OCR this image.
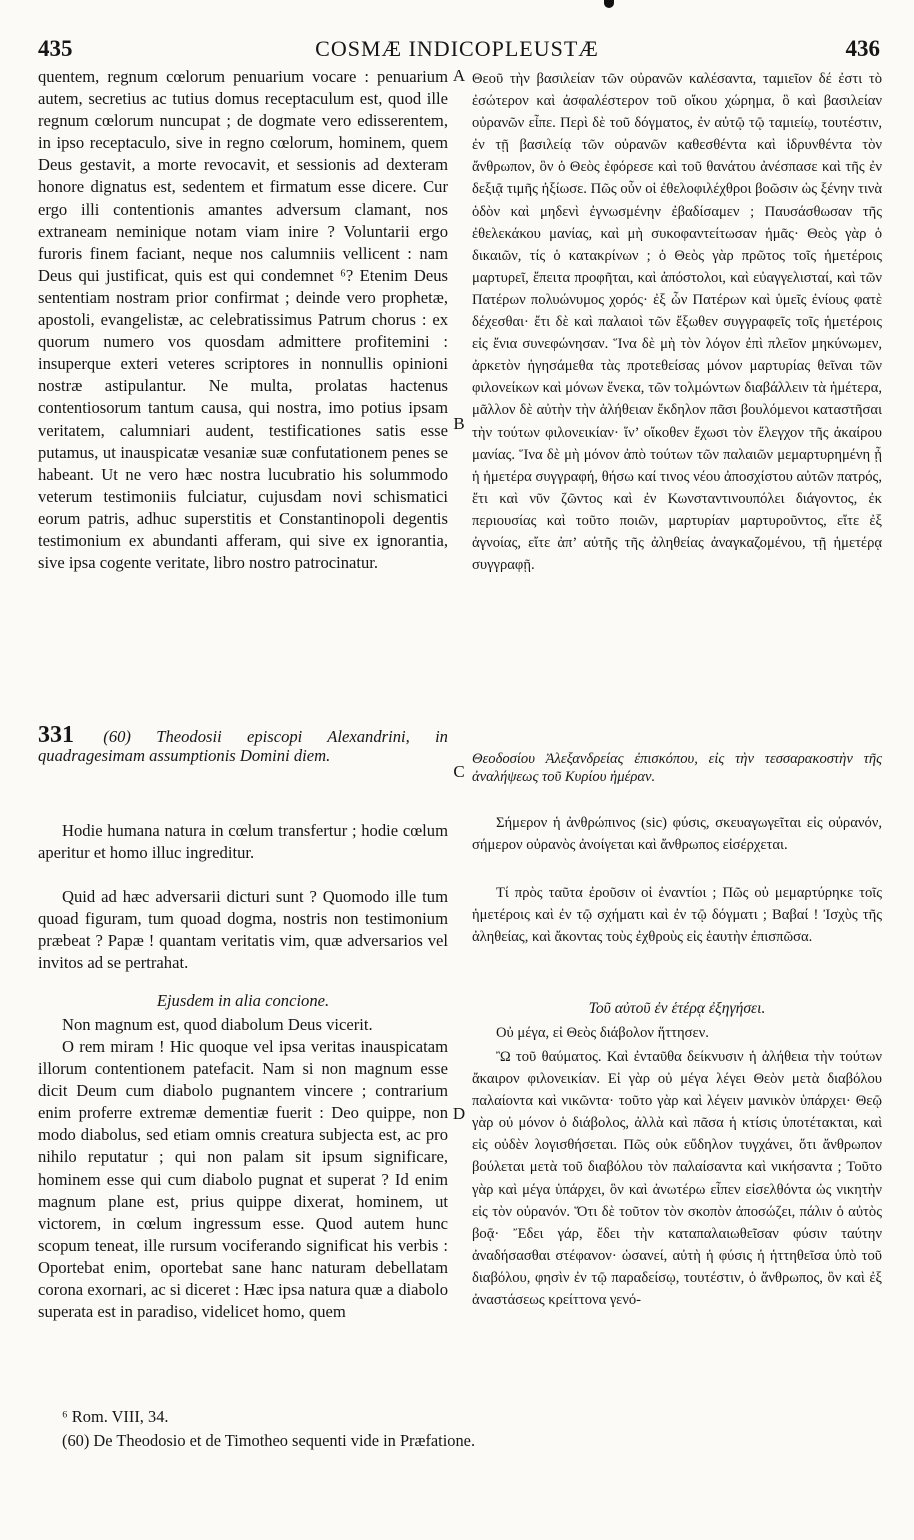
435	COSMÆ INDICOPLEUSTÆ	436
A
B
C
D

quentem, regnum cœlorum penuarium vocare : penuarium autem, secretius ac tutius domus receptaculum est, quod ille regnum cœlorum nuncupat ; de dogmate vero edisserentem, in ipso receptaculo, sive in regno cœlorum, hominem, quem Deus gestavit, a morte revocavit, et sessionis ad dexteram honore dignatus est, sedentem et firmatum esse dicere. Cur ergo illi contentionis amantes adversum clamant, nos extraneam neminique notam viam inire ? Voluntarii ergo furoris finem faciant, neque nos calumniis vellicent : nam Deus qui justificat, quis est qui condemnet ⁶? Etenim Deus sententiam nostram prior confirmat ; deinde vero prophetæ, apostoli, evangelistæ, ac celebratissimus Patrum chorus : ex quorum numero vos quosdam admittere profitemini : insuperque exteri veteres scriptores in nonnullis opinioni nostræ astipulantur. Ne multa, prolatas hactenus contentiosorum tantum causa, qui nostra, imo potius ipsam veritatem, calumniari audent, testificationes satis esse putamus, ut inauspicatæ vesaniæ suæ confutationem penes se habeant. Ut ne vero hæc nostra lucubratio his solummodo veterum testimoniis fulciatur, cujusdam novi schismatici eorum patris, adhuc superstitis et Constantinopoli degentis testimonium ex abundanti afferam, qui sive ex ignorantia, sive ipsa cogente veritate, libro nostro patrocinatur.

331 (60) Theodosii episcopi Alexandrini, in quadragesimam assumptionis Domini diem.

Hodie humana natura in cœlum transfertur ; hodie cœlum aperitur et homo illuc ingreditur.

Quid ad hæc adversarii dicturi sunt ? Quomodo ille tum quoad figuram, tum quoad dogma, nostris non testimonium præbeat ? Papæ ! quantam veritatis vim, quæ adversarios vel invitos ad se pertrahat.

Ejusdem in alia concione.

Non magnum est, quod diabolum Deus vicerit.

O rem miram ! Hic quoque vel ipsa veritas inauspicatam illorum contentionem patefacit. Nam si non magnum esse dicit Deum cum diabolo pugnantem vincere ; contrarium enim proferre extremæ dementiæ fuerit : Deo quippe, non modo diabolus, sed etiam omnis creatura subjecta est, ac pro nihilo reputatur ; qui non palam sit ipsum significare, hominem esse qui cum diabolo pugnat et superat ? Id enim magnum plane est, prius quippe dixerat, hominem, ut victorem, in cœlum ingressum esse. Quod autem hunc scopum teneat, ille rursum vociferando significat his verbis : Oportebat enim, oportebat sane hanc naturam debellatam corona exornari, ac si diceret : Hæc ipsa natura quæ a diabolo superata est in paradiso, videlicet homo, quem

Θεοῦ τὴν βασιλείαν τῶν οὐρανῶν καλέσαντα, ταμιεῖον δέ ἐστι τὸ ἐσώτερον καὶ ἀσφαλέστερον τοῦ οἴκου χώρημα, ὃ καὶ βασιλείαν οὐρανῶν εἶπε. Περὶ δὲ τοῦ δόγματος, ἐν αὐτῷ τῷ ταμιείῳ, τουτέστιν, ἐν τῇ βασιλείᾳ τῶν οὐρανῶν καθεσθέντα καὶ ἱδρυνθέντα τὸν ἄνθρωπον, ὃν ὁ Θεὸς ἐφόρεσε καὶ τοῦ θανάτου ἀνέσπασε καὶ τῆς ἐν δεξιᾷ τιμῆς ἠξίωσε. Πῶς οὖν οἱ ἐθελοφιλέχθροι βοῶσιν ὡς ξένην τινὰ ὁδὸν καὶ μηδενὶ ἐγνωσμένην ἐβαδίσαμεν ; Παυσάσθωσαν τῆς ἐθελεκάκου μανίας, καὶ μὴ συκοφαντείτωσαν ἡμᾶς· Θεὸς γὰρ ὁ δικαιῶν, τίς ὁ κατακρίνων ; ὁ Θεὸς γὰρ πρῶτος τοῖς ἡμετέροις μαρτυρεῖ, ἔπειτα προφῆται, καὶ ἀπόστολοι, καὶ εὐαγγελισταί, καὶ τῶν Πατέρων πολυώνυμος χορός· ἐξ ὧν Πατέρων καὶ ὑμεῖς ἐνίους φατὲ δέχεσθαι· ἔτι δὲ καὶ παλαιοὶ τῶν ἔξωθεν συγγραφεῖς τοῖς ἡμετέροις εἰς ἔνια συνεφώνησαν. Ἵνα δὲ μὴ τὸν λόγον ἐπὶ πλεῖον μηκύνωμεν, ἀρκετὸν ἡγησάμεθα τὰς προτεθείσας μόνον μαρτυρίας θεῖναι τῶν φιλονείκων καὶ μόνων ἕνεκα, τῶν τολμώντων διαβάλλειν τὰ ἡμέτερα, μᾶλλον δὲ αὐτὴν τὴν ἀλήθειαν ἔκδηλον πᾶσι βουλόμενοι καταστῆσαι τὴν τούτων φιλονεικίαν· ἵν’ οἴκοθεν ἔχωσι τὸν ἔλεγχον τῆς ἀκαίρου μανίας. Ἵνα δὲ μὴ μόνον ἀπὸ τούτων τῶν παλαιῶν μεμαρτυρημένη ᾖ ἡ ἡμετέρα συγγραφή, θήσω καί τινος νέου ἀποσχίστου αὐτῶν πατρός, ἔτι καὶ νῦν ζῶντος καὶ ἐν Κωνσταντινουπόλει διάγοντος, ἐκ περιουσίας καὶ τοῦτο ποιῶν, μαρτυρίαν μαρτυροῦντος, εἴτε ἐξ ἀγνοίας, εἴτε ἀπ’ αὐτῆς τῆς ἀληθείας ἀναγκαζομένου, τῇ ἡμετέρᾳ συγγραφῇ.

Θεοδοσίου Ἀλεξανδρείας ἐπισκόπου, εἰς τὴν τεσσαρακοστὴν τῆς ἀναλήψεως τοῦ Κυρίου ἡμέραν.

Σήμερον ἡ ἀνθρώπινος (sic) φύσις, σκευαγωγεῖται εἰς οὐρανόν, σήμερον οὐρανὸς ἀνοίγεται καὶ ἄνθρωπος εἰσέρχεται.

Τί πρὸς ταῦτα ἐροῦσιν οἱ ἐναντίοι ; Πῶς οὐ μεμαρτύρηκε τοῖς ἡμετέροις καὶ ἐν τῷ σχήματι καὶ ἐν τῷ δόγματι ; Βαβαί ! Ἰσχὺς τῆς ἀληθείας, καὶ ἄκοντας τοὺς ἐχθροὺς εἰς ἑαυτὴν ἐπισπῶσα.

Τοῦ αὐτοῦ ἐν ἑτέρᾳ ἐξηγήσει.

Οὐ μέγα, εἰ Θεὸς διάβολον ἥττησεν.

Ὢ τοῦ θαύματος. Καὶ ἐνταῦθα δείκνυσιν ἡ ἀλήθεια τὴν τούτων ἄκαιρον φιλονεικίαν. Εἰ γὰρ οὐ μέγα λέγει Θεὸν μετὰ διαβόλου παλαίοντα καὶ νικῶντα· τοῦτο γὰρ καὶ λέγειν μανικὸν ὑπάρχει· Θεῷ γὰρ οὐ μόνον ὁ διάβολος, ἀλλὰ καὶ πᾶσα ἡ κτίσις ὑποτέτακται, καὶ εἰς οὐδὲν λογισθήσεται. Πῶς οὐκ εὔδηλον τυγχάνει, ὅτι ἄνθρωπον βούλεται μετὰ τοῦ διαβόλου τὸν παλαίσαντα καὶ νικήσαντα ; Τοῦτο γὰρ καὶ μέγα ὑπάρχει, ὃν καὶ ἀνωτέρω εἶπεν εἰσελθόντα ὡς νικητὴν εἰς τὸν οὐρανόν. Ὅτι δὲ τοῦτον τὸν σκοπὸν ἀποσώζει, πάλιν ὁ αὐτὸς βοᾷ· Ἔδει γάρ, ἔδει τὴν καταπαλαιωθεῖσαν φύσιν ταύτην ἀναδήσασθαι στέφανον· ὡσανεί, αὐτὴ ἡ φύσις ἡ ἡττηθεῖσα ὑπὸ τοῦ διαβόλου, φησὶν ἐν τῷ παραδείσῳ, τουτέστιν, ὁ ἄνθρωπος, ὃν καὶ ἐξ ἀναστάσεως κρείττονα γενό-

⁶ Rom. VIII, 34.
(60) De Theodosio et de Timotheo sequenti vide in Præfatione.
